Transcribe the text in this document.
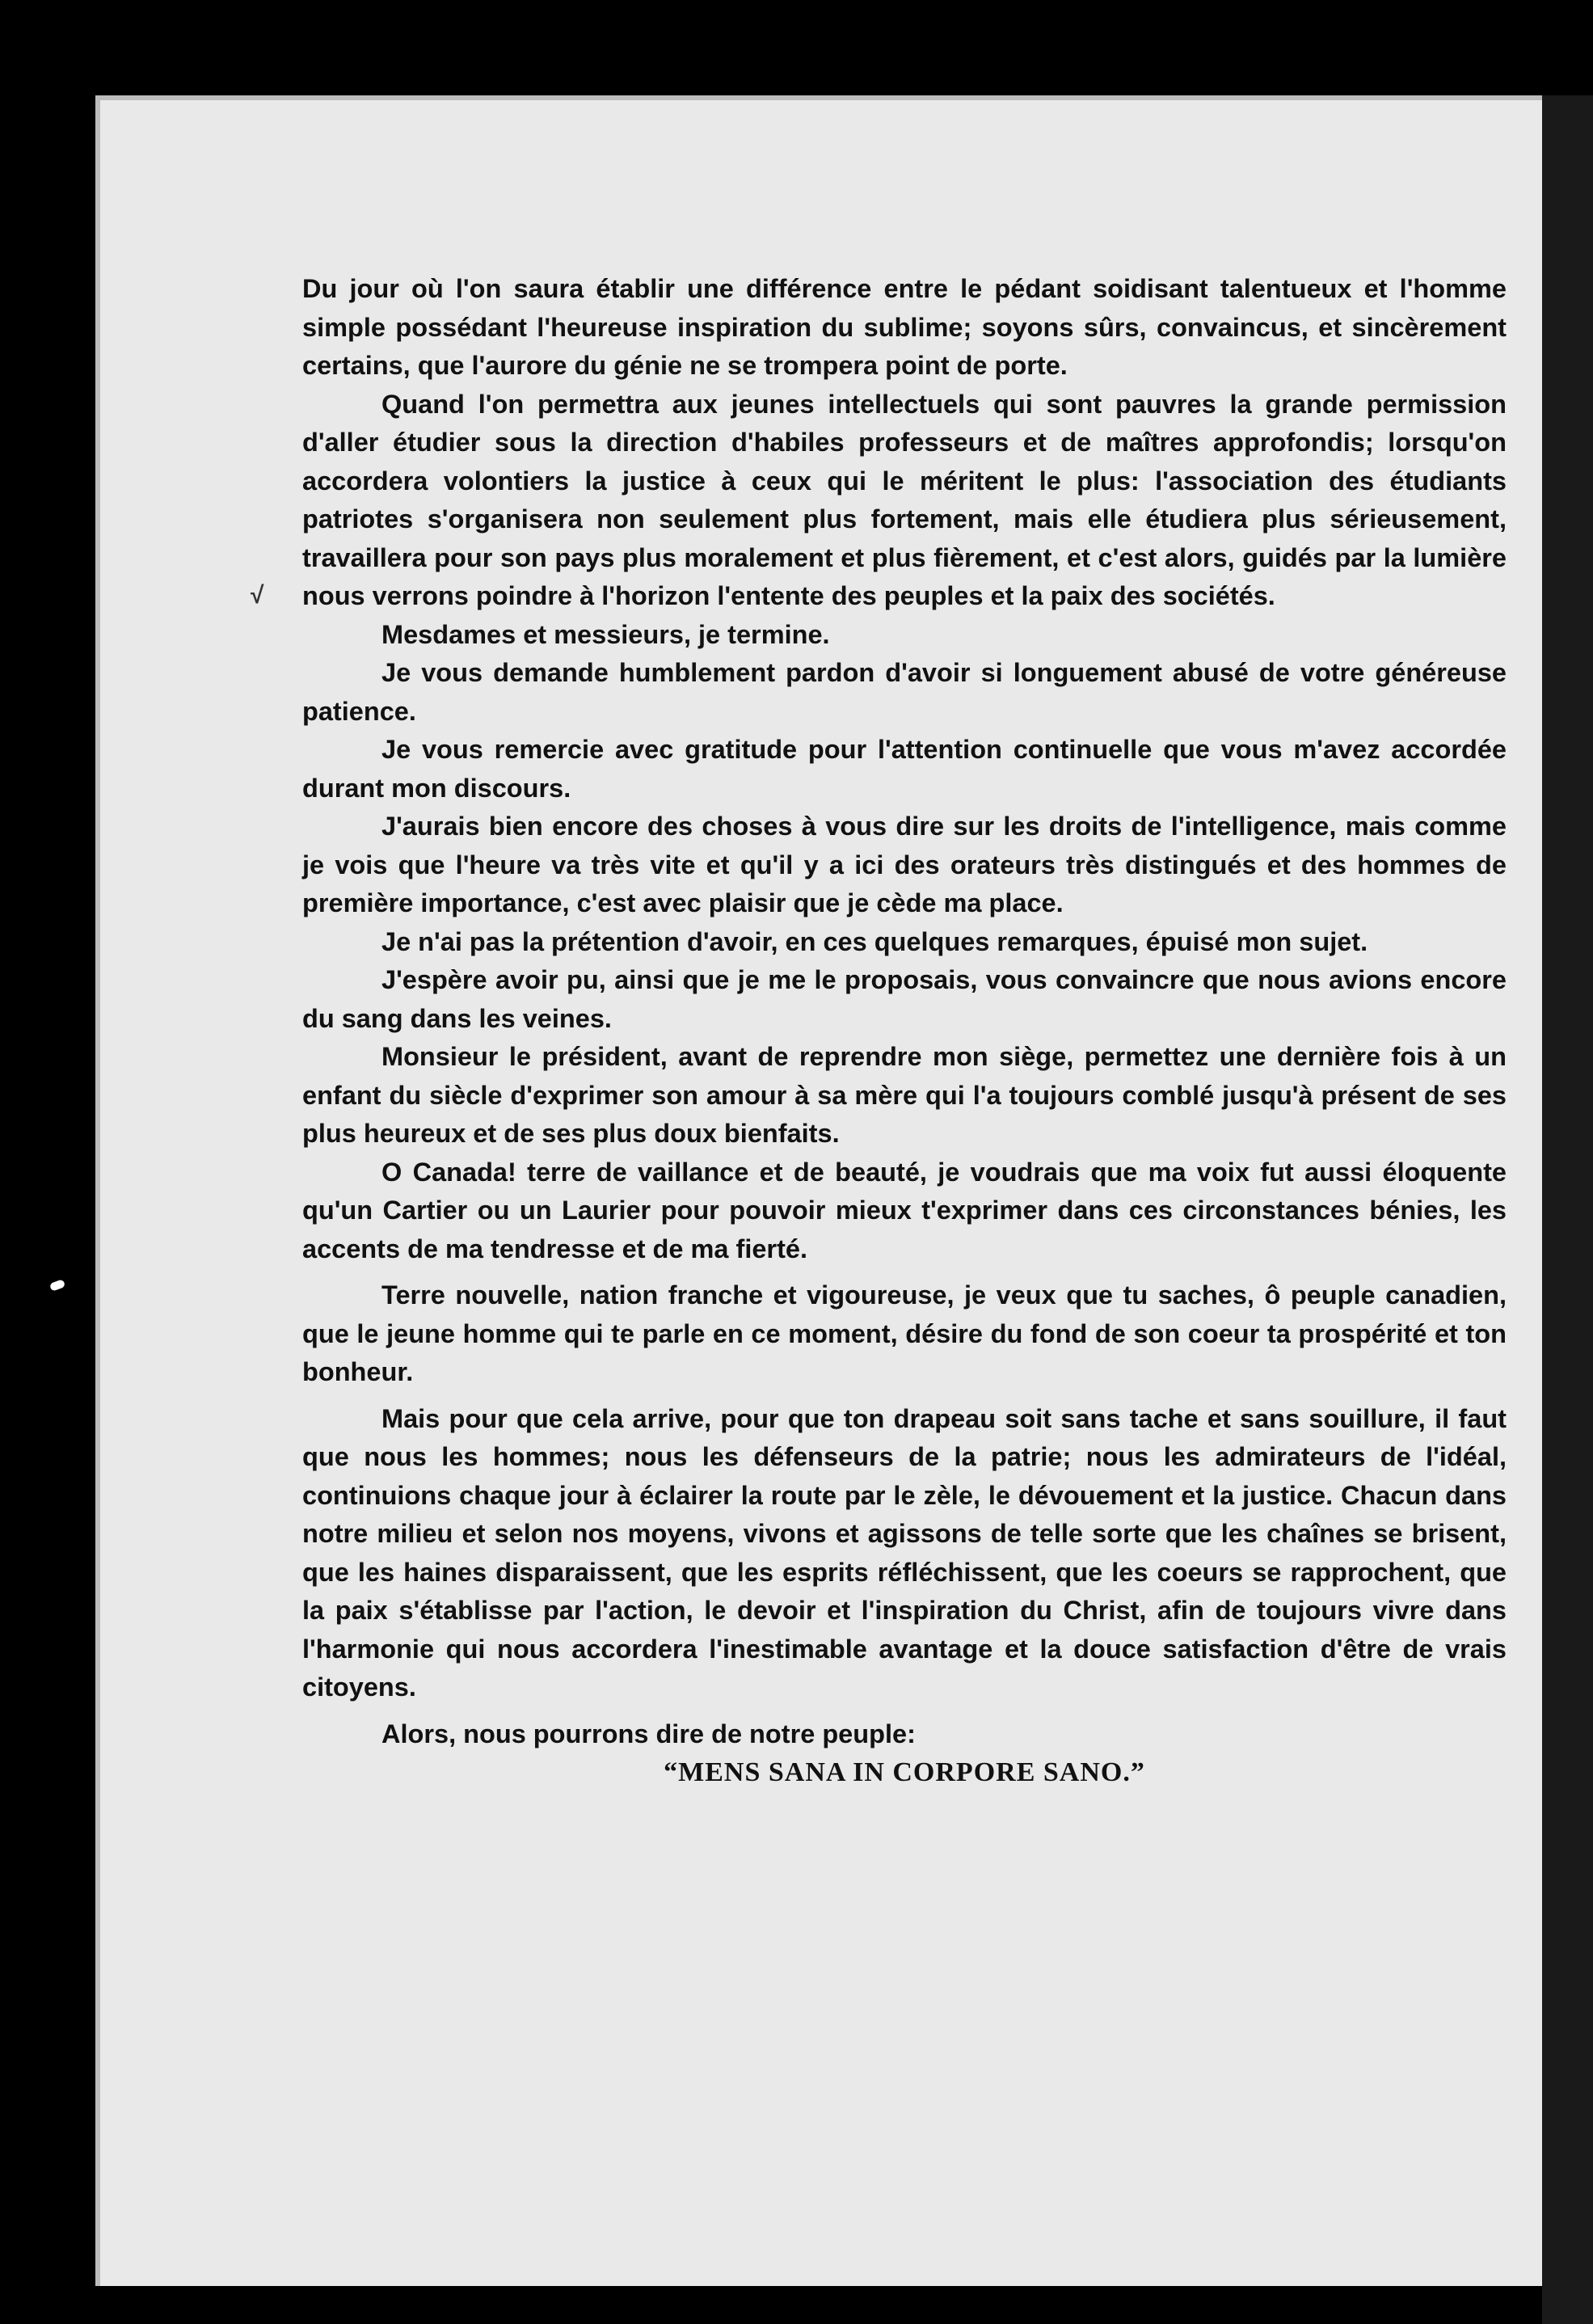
Du jour où l'on saura établir une différence entre le pédant soidisant talentueux et l'homme simple possédant l'heureuse inspiration du sublime; soyons sûrs, convaincus, et sincèrement certains, que l'aurore du génie ne se trompera point de porte.

Quand l'on permettra aux jeunes intellectuels qui sont pauvres la grande permission d'aller étudier sous la direction d'habiles professeurs et de maîtres approfondis; lorsqu'on accordera volontiers la justice à ceux qui le méritent le plus: l'association des étudiants patriotes s'organisera non seulement plus fortement, mais elle étudiera plus sérieusement, travaillera pour son pays plus moralement et plus fièrement, et c'est alors, guidés par la lumière nous verrons poindre à l'horizon l'entente des peuples et la paix des sociétés.

Mesdames et messieurs, je termine.

Je vous demande humblement pardon d'avoir si longuement abusé de votre généreuse patience.

Je vous remercie avec gratitude pour l'attention continuelle que vous m'avez accordée durant mon discours.

J'aurais bien encore des choses à vous dire sur les droits de l'intelligence, mais comme je vois que l'heure va très vite et qu'il y a ici des orateurs très distingués et des hommes de première importance, c'est avec plaisir que je cède ma place.

Je n'ai pas la prétention d'avoir, en ces quelques remarques, épuisé mon sujet.

J'espère avoir pu, ainsi que je me le proposais, vous convaincre que nous avions encore du sang dans les veines.

Monsieur le président, avant de reprendre mon siège, permettez une dernière fois à un enfant du siècle d'exprimer son amour à sa mère qui l'a toujours comblé jusqu'à présent de ses plus heureux et de ses plus doux bienfaits.

O Canada! terre de vaillance et de beauté, je voudrais que ma voix fut aussi éloquente qu'un Cartier ou un Laurier pour pouvoir mieux t'exprimer dans ces circonstances bénies, les accents de ma tendresse et de ma fierté.

Terre nouvelle, nation franche et vigoureuse, je veux que tu saches, ô peuple canadien, que le jeune homme qui te parle en ce moment, désire du fond de son coeur ta prospérité et ton bonheur.

Mais pour que cela arrive, pour que ton drapeau soit sans tache et sans souillure, il faut que nous les hommes; nous les défenseurs de la patrie; nous les admirateurs de l'idéal, continuions chaque jour à éclairer la route par le zèle, le dévouement et la justice. Chacun dans notre milieu et selon nos moyens, vivons et agissons de telle sorte que les chaînes se brisent, que les haines disparaissent, que les esprits réfléchissent, que les coeurs se rapprochent, que la paix s'établisse par l'action, le devoir et l'inspiration du Christ, afin de toujours vivre dans l'harmonie qui nous accordera l'inestimable avantage et la douce satisfaction d'être de vrais citoyens.

Alors, nous pourrons dire de notre peuple:

“MENS SANA IN CORPORE SANO.”

√
